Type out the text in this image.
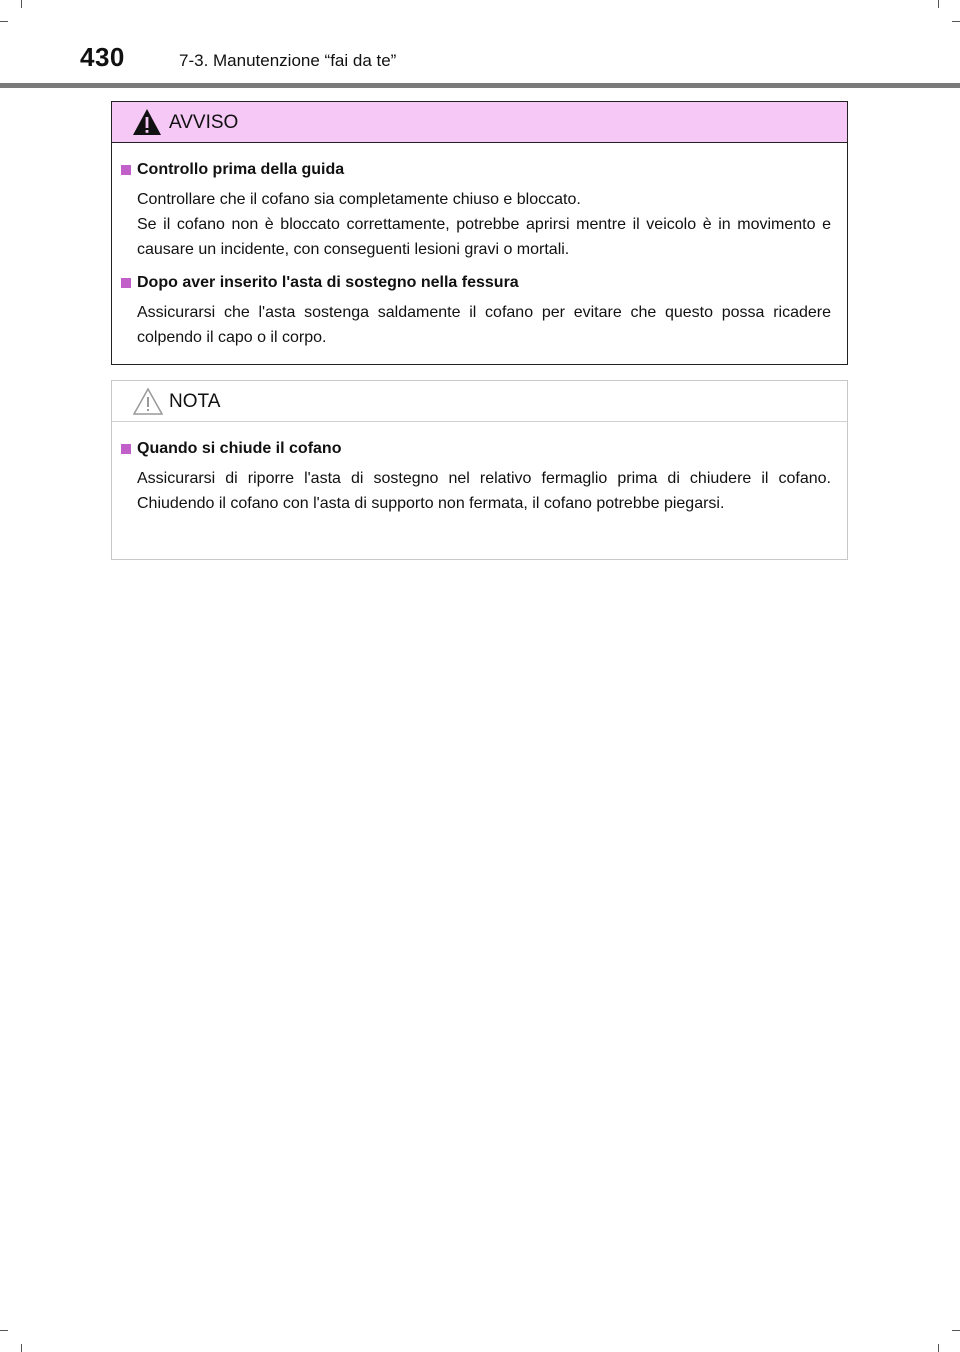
430	7-3. Manutenzione “fai da te”
AVVISO
Controllo prima della guida

Controllare che il cofano sia completamente chiuso e bloccato.

Se il cofano non è bloccato correttamente, potrebbe aprirsi mentre il veicolo è in movimento e causare un incidente, con conseguenti lesioni gravi o mortali.

Dopo aver inserito l'asta di sostegno nella fessura

Assicurarsi che l'asta sostenga saldamente il cofano per evitare che questo possa ricadere colpendo il capo o il corpo.

NOTA
Quando si chiude il cofano

Assicurarsi di riporre l'asta di sostegno nel relativo fermaglio prima di chiudere il cofano. Chiudendo il cofano con l'asta di supporto non fermata, il cofano potrebbe piegarsi.
